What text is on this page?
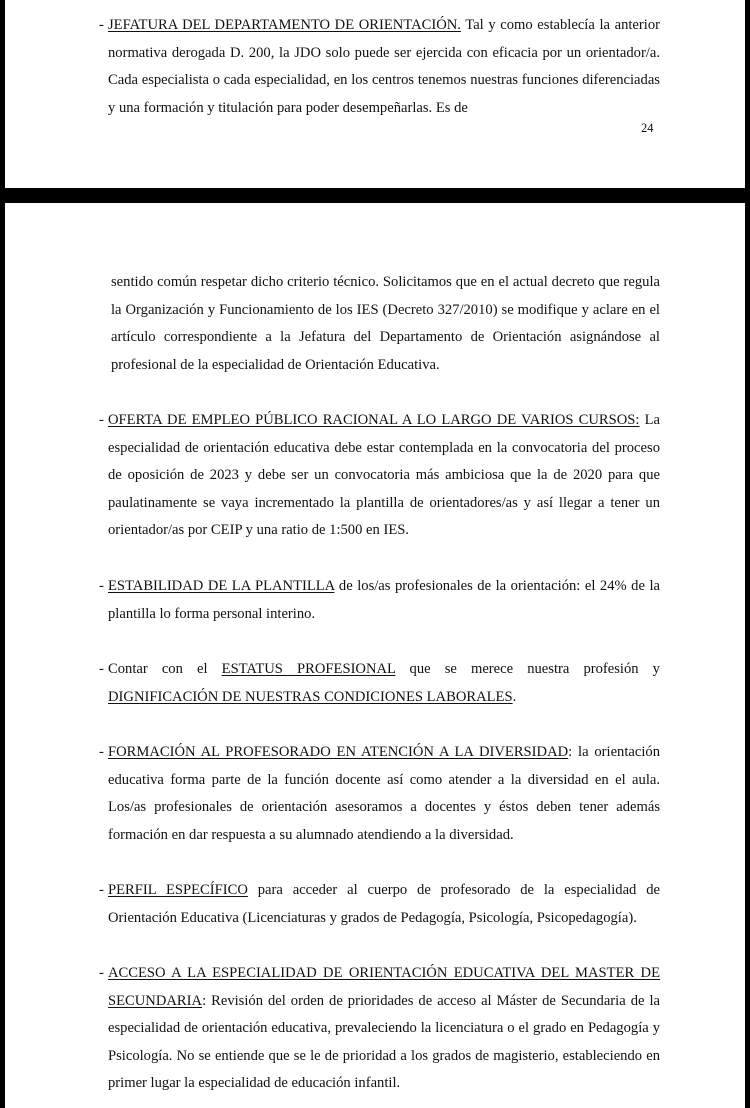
- JEFATURA DEL DEPARTAMENTO DE ORIENTACIÓN. Tal y como establecía la anterior normativa derogada D. 200, la JDO solo puede ser ejercida con eficacia por un orientador/a. Cada especialista o cada especialidad, en los centros tenemos nuestras funciones diferenciadas y una formación y titulación para poder desempeñarlas. Es de
24
sentido común respetar dicho criterio técnico. Solicitamos que en el actual decreto que regula la Organización y Funcionamiento de los IES (Decreto 327/2010) se modifique y aclare en el artículo correspondiente a la Jefatura del Departamento de Orientación asignándose al profesional de la especialidad de Orientación Educativa.
- OFERTA DE EMPLEO PÚBLICO RACIONAL A LO LARGO DE VARIOS CURSOS: La especialidad de orientación educativa debe estar contemplada en la convocatoria del proceso de oposición de 2023 y debe ser un convocatoria más ambiciosa que la de 2020 para que paulatinamente se vaya incrementado la plantilla de orientadores/as y así llegar a tener un orientador/as por CEIP y una ratio de 1:500 en IES.
- ESTABILIDAD DE LA PLANTILLA de los/as profesionales de la orientación: el 24% de la plantilla lo forma personal interino.
- Contar con el ESTATUS PROFESIONAL que se merece nuestra profesión y DIGNIFICACIÓN DE NUESTRAS CONDICIONES LABORALES.
- FORMACIÓN AL PROFESORADO EN ATENCIÓN A LA DIVERSIDAD: la orientación educativa forma parte de la función docente así como atender a la diversidad en el aula. Los/as profesionales de orientación asesoramos a docentes y éstos deben tener además formación en dar respuesta a su alumnado atendiendo a la diversidad.
- PERFIL ESPECÍFICO para acceder al cuerpo de profesorado de la especialidad de Orientación Educativa (Licenciaturas y grados de Pedagogía, Psicología, Psicopedagogía).
- ACCESO A LA ESPECIALIDAD DE ORIENTACIÓN EDUCATIVA DEL MASTER DE SECUNDARIA: Revisión del orden de prioridades de acceso al Máster de Secundaria de la especialidad de orientación educativa, prevaleciendo la licenciatura o el grado en Pedagogía y Psicología. No se entiende que se le de prioridad a los grados de magisterio, estableciendo en primer lugar la especialidad de educación infantil.
